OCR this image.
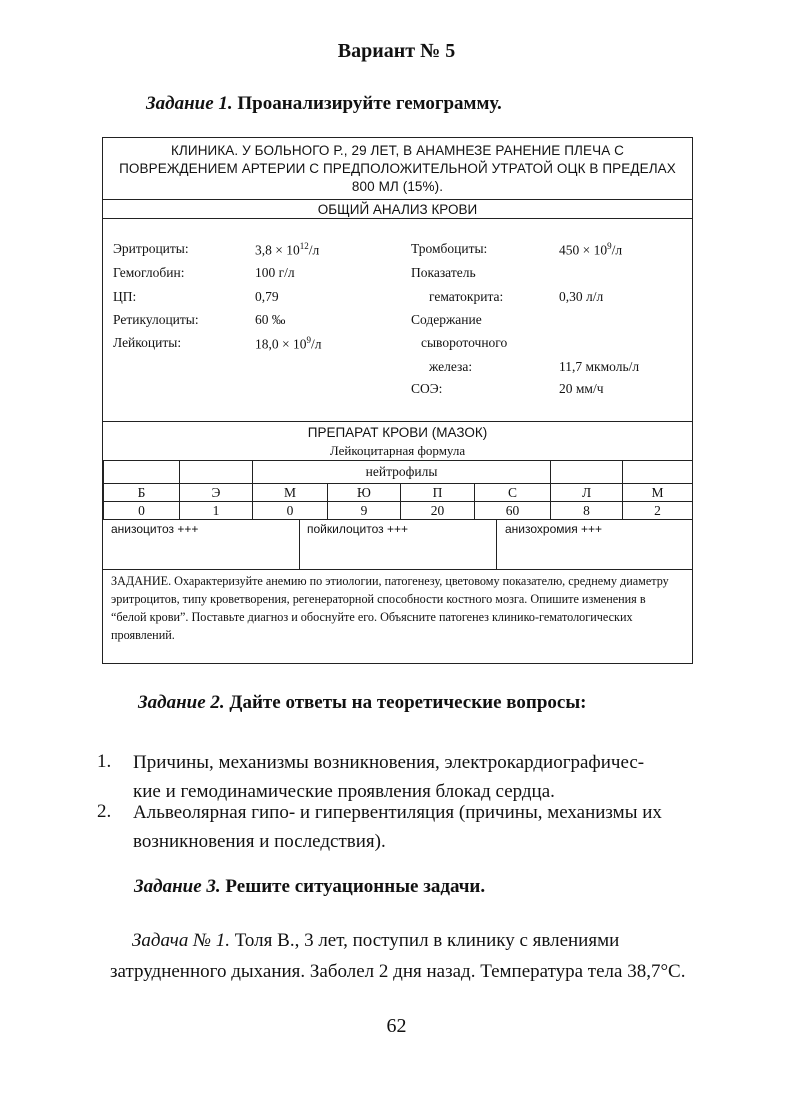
Вариант № 5
Задание 1. Проанализируйте гемограмму.
КЛИНИКА. У БОЛЬНОГО Р., 29 ЛЕТ, В АНАМНЕЗЕ РАНЕНИЕ ПЛЕЧА С ПОВРЕЖДЕНИЕМ АРТЕРИИ С ПРЕДПОЛОЖИТЕЛЬНОЙ УТРАТОЙ ОЦК В ПРЕДЕЛАХ 800 МЛ (15%).
ОБЩИЙ АНАЛИЗ КРОВИ
Эритроциты:	$3,8 \times 10^{12}/л$
Гемоглобин:	100 г/л
ЦП:	0,79
Ретикулоциты:	60 ‰
Лейкоциты:	$18,0 \times 10^9/л$
Тромбоциты:	$450 \times 10^9/л$
Показатель
гематокрита:	0,30 л/л
Содержание
сывороточного
железа:	11,7 мкмоль/л
СОЭ:	20 мм/ч
ПРЕПАРАТ КРОВИ (МАЗОК)
Лейкоцитарная формула
		нейтрофилы					
Б	Э	М	Ю	П	С	Л	М
0	1	0	9	20	60	8	2
анизоцитоз +++	пойкилоцитоз +++	анизохромия +++
ЗАДАНИЕ. Охарактеризуйте анемию по этиологии, патогенезу, цветовому показателю, среднему диаметру эритроцитов, типу кроветворения, регенераторной способности костного мозга. Опишите изменения в “белой крови”. Поставьте диагноз и обоснуйте его. Объясните патогенез клинико-гематологических проявлений.
Задание 2. Дайте ответы на теоретические вопросы:
1. Причины, механизмы возникновения, электрокардиографичес-
кие и гемодинамические проявления блокад сердца.
2. Альвеолярная гипо- и гипервентиляция (причины, механизмы их
возникновения и последствия).
Задание 3. Решите ситуационные задачи.
Задача № 1. Толя В., 3 лет, поступил в клинику с явлениями затрудненного дыхания. Заболел 2 дня назад. Температура тела 38,7°С.
62
